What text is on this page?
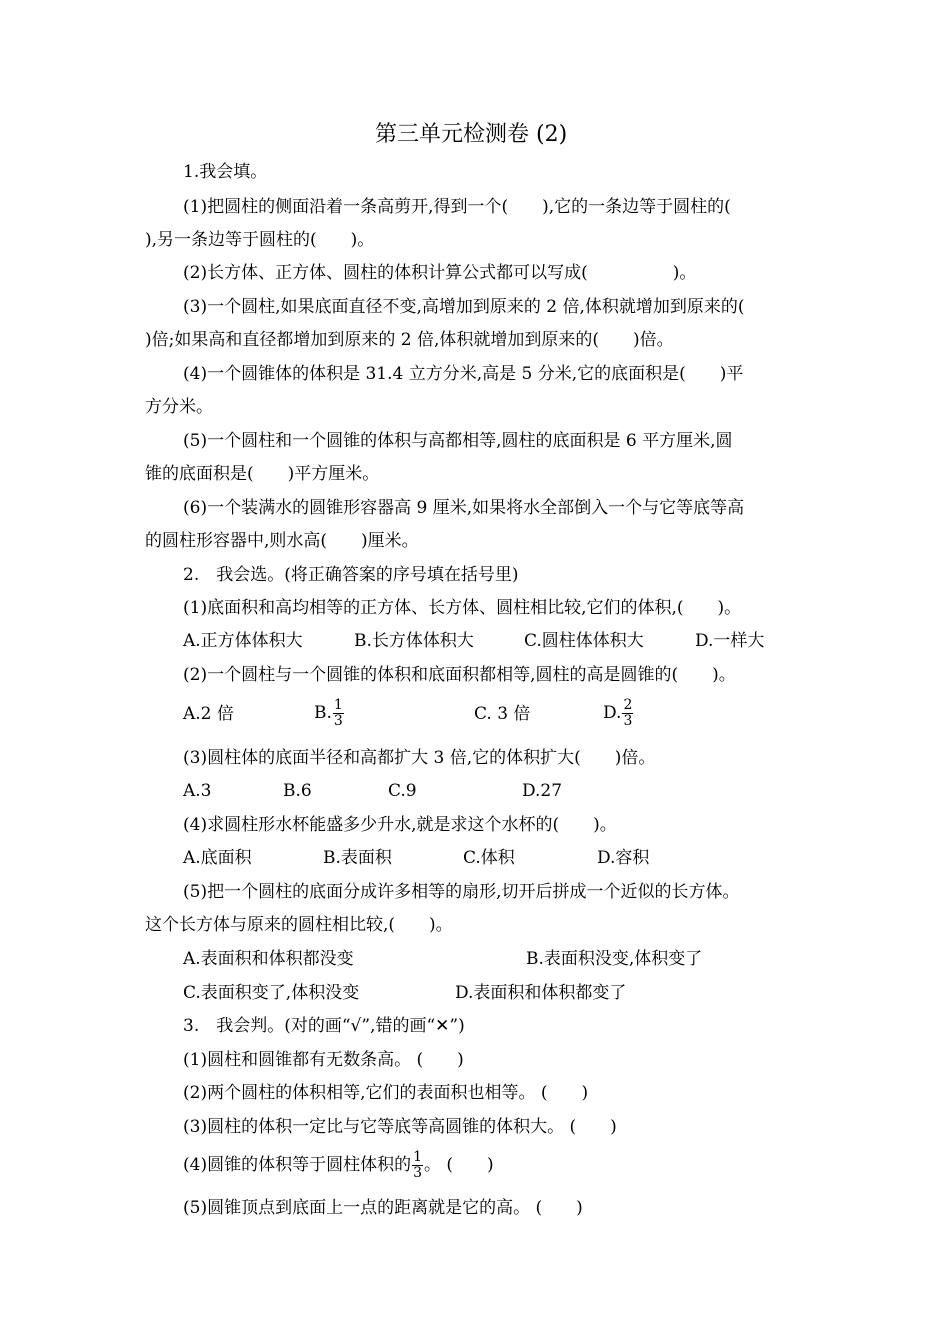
第三单元检测卷 (2)
1.我会填。
(1)把圆柱的侧面沿着一条高剪开,得到一个(　　),它的一条边等于圆柱的(
),另一条边等于圆柱的(　　)。
(2)长方体、正方体、圆柱的体积计算公式都可以写成(　　　　　)。
(3)一个圆柱,如果底面直径不变,高增加到原来的 2 倍,体积就增加到原来的(
)倍;如果高和直径都增加到原来的 2 倍,体积就增加到原来的(　　)倍。
(4)一个圆锥体的体积是 31.4 立方分米,高是 5 分米,它的底面积是(　　)平
方分米。
(5)一个圆柱和一个圆锥的体积与高都相等,圆柱的底面积是 6 平方厘米,圆
锥的底面积是(　　)平方厘米。
(6)一个装满水的圆锥形容器高 9 厘米,如果将水全部倒入一个与它等底等高
的圆柱形容器中,则水高(　　)厘米。
2.　我会选。(将正确答案的序号填在括号里)
(1)底面积和高均相等的正方体、长方体、圆柱相比较,它们的体积,(　　)。
A.正方体体积大	B.长方体体积大	C.圆柱体体积大	D.一样大
(2)一个圆柱与一个圆锥的体积和底面积都相等,圆柱的高是圆锥的(　　)。
A.2 倍	B. $\frac{1}{3}$	C. 3 倍	D. $\frac{2}{3}$
(3)圆柱体的底面半径和高都扩大 3 倍,它的体积扩大(　　)倍。
A.3	B.6	C.9	D.27
(4)求圆柱形水杯能盛多少升水,就是求这个水杯的(　　)。
A.底面积	B.表面积	C.体积	D.容积
(5)把一个圆柱的底面分成许多相等的扇形,切开后拼成一个近似的长方体。
这个长方体与原来的圆柱相比较,(　　)。
A.表面积和体积都没变	B.表面积没变,体积变了
C.表面积变了,体积没变	D.表面积和体积都变了
3.　我会判。(对的画“√”,错的画“✕”)
(1)圆柱和圆锥都有无数条高。 (　　)
(2)两个圆柱的体积相等,它们的表面积也相等。 (　　)
(3)圆柱的体积一定比与它等底等高圆锥的体积大。 (　　)
(4)圆锥的体积等于圆柱体积的 $\frac{1}{3}$ 。 (　　)
(5)圆锥顶点到底面上一点的距离就是它的高。 (　　)
